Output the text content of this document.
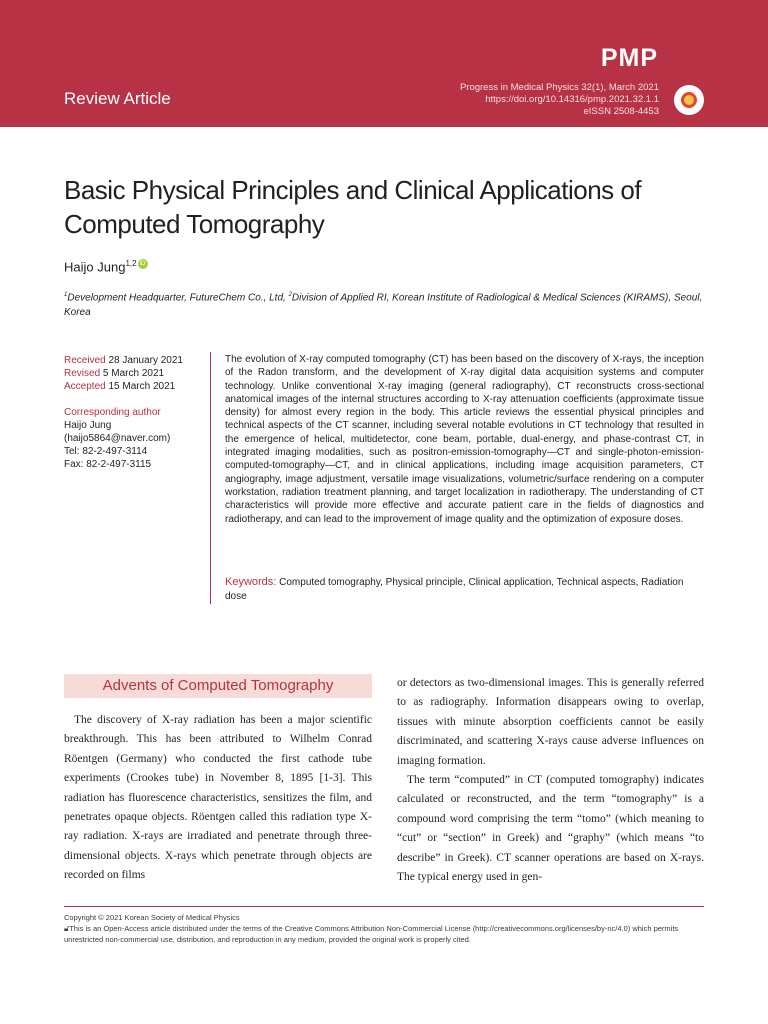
PMP
Review Article
Progress in Medical Physics 32(1), March 2021
https://doi.org/10.14316/pmp.2021.32.1.1
eISSN 2508-4453
Basic Physical Principles and Clinical Applications of Computed Tomography
Haijo Jung$^{1,2}$ iD
$^1$Development Headquarter, FutureChem Co., Ltd, $^2$Division of Applied RI, Korean Institute of Radiological & Medical Sciences (KIRAMS), Seoul, Korea
Received 28 January 2021
Revised 5 March 2021
Accepted 15 March 2021
Corresponding author
Haijo Jung
(haijo5864@naver.com)
Tel: 82-2-497-3114
Fax: 82-2-497-3115
The evolution of X-ray computed tomography (CT) has been based on the discovery of X-rays, the inception of the Radon transform, and the development of X-ray digital data acquisition systems and computer technology. Unlike conventional X-ray imaging (general radiography), CT reconstructs cross-sectional anatomical images of the internal structures according to X-ray attenuation coefficients (approximate tissue density) for almost every region in the body. This article reviews the essential physical principles and technical aspects of the CT scanner, including several notable evolutions in CT technology that resulted in the emergence of helical, multidetector, cone beam, portable, dual-energy, and phase-contrast CT, in integrated imaging modalities, such as positron-emission-tomography—CT and single-photon-emission-computed-tomography—CT, and in clinical applications, including image acquisition parameters, CT angiography, image adjustment, versatile image visualizations, volumetric/surface rendering on a computer workstation, radiation treatment planning, and target localization in radiotherapy. The understanding of CT characteristics will provide more effective and accurate patient care in the fields of diagnostics and radiotherapy, and can lead to the improvement of image quality and the optimization of exposure doses.
Keywords: Computed tomography, Physical principle, Clinical application, Technical aspects, Radiation dose
Advents of Computed Tomography

The discovery of X-ray radiation has been a major scientific breakthrough. This has been attributed to Wilhelm Conrad Röentgen (Germany) who conducted the first cathode tube experiments (Crookes tube) in November 8, 1895 [1-3]. This radiation has fluorescence characteristics, sensitizes the film, and penetrates opaque objects. Röentgen called this radiation type X-ray radiation. X-rays are irradiated and penetrate through three-dimensional objects. X-rays which penetrate through objects are recorded on films

or detectors as two-dimensional images. This is generally referred to as radiography. Information disappears owing to overlap, tissues with minute absorption coefficients cannot be easily discriminated, and scattering X-rays cause adverse influences on imaging formation.

The term “computed” in CT (computed tomography) indicates calculated or reconstructed, and the term “tomography” is a compound word comprising the term “tomo” (which meaning to “cut” or “section” in Greek) and “graphy” (which means “to describe” in Greek). CT scanner operations are based on X-rays. The typical energy used in gen-

Copyright © 2021 Korean Society of Medical Physics
🔓︎This is an Open-Access article distributed under the terms of the Creative Commons Attribution Non-Commercial License (http://creativecommons.org/licenses/by-nc/4.0) which permits unrestricted non-commercial use, distribution, and reproduction in any medium, provided the original work is properly cited.
